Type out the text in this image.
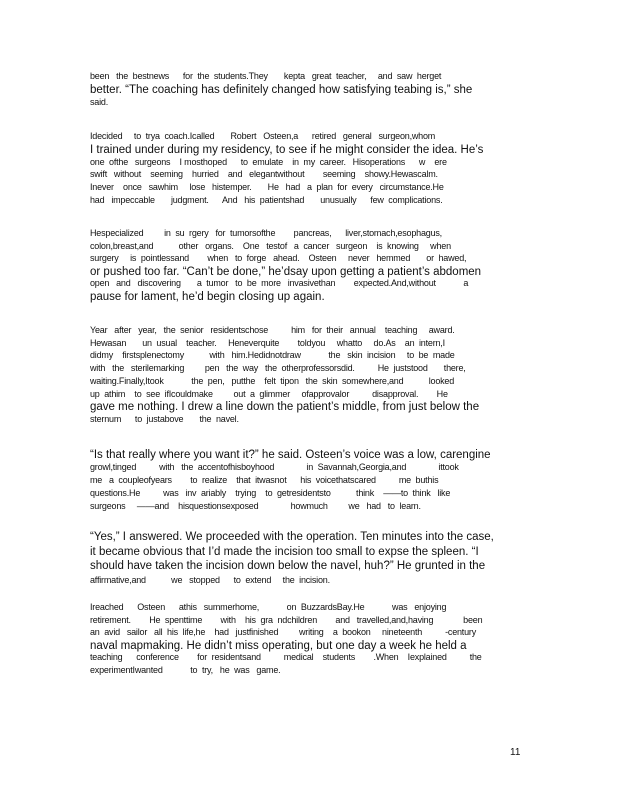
been   the  bestnews      for  the  students.They       kepta   great  teacher,     and  saw  herget
better. “The coaching has definitely changed how satisfying teabing is,” she
said.
Idecided     to  trya  coach.Icalled       Robert   Osteen,a      retired   general   surgeon,whom
I trained under during my residency, to see if he might consider the idea. He’s
one  ofthe   surgeons    I mosthoped      to  emulate    in  my  career.   Hisoperations      w    ere
swift   without    seeming    hurried    and   elegantwithout        seeming    showy.Hewascalm.
Inever    once   sawhim     lose   histemper.       He   had   a  plan  for  every   circumstance.He
had   impeccable       judgment.      And   his  patientshad       unusually      few  complications.
Hespecialized         in  su  rgery   for  tumorsofthe        pancreas,      liver,stomach,esophagus,
colon,breast,and           other   organs.    One   testof   a  cancer   surgeon    is  knowing     when
surgery     is  pointlessand        when   to  forge   ahead.    Osteen     never   hemmed       or  hawed,
or pushed too far. “Can’t be done,” he’dsay upon getting a patient’s abdomen
open   and   discovering       a  tumor   to  be  more   invasivethan        expected.And,without            a
pause for lament, he’d begin closing up again.
Year   after   year,   the  senior   residentschose          him   for  their   annual    teaching     award.
Hewasan       un  usual    teacher.     Heneverquite        toldyou     whatto     do.As    an  intern,I
didmy    firstsplenectomy           with   him.Hedidnotdraw            the   skin  incision     to  be  made
with   the   sterilemarking         pen   the  way   the  otherprofessorsdid.          He  juststood       there,
waiting.Finally,Itook            the  pen,   putthe    felt  tipon   the  skin  somewhere,and           looked
up  athim    to  see  ifIcouldmake         out  a  glimmer     ofapprovalor          disapproval.        He
gave me nothing. I drew a line down the patient’s middle, from just below the
sternum      to  justabove       the  navel.
“Is that really where you want it?” he said. Osteen’s voice was a low, carengine
growl,tinged          with   the  accentofhisboyhood              in  Savannah,Georgia,and              ittook
me   a  coupleofyears        to  realize    that  itwasnot      his  voicethatscared          me  buthis
questions.He          was   inv  ariably    trying    to  getresidentsto           think    ——to  think   like
surgeons     ——and    hisquestionsexposed              howmuch         we   had   to  learn.
“Yes,” I answered. We proceeded with the operation. Ten minutes into the case,
it became obvious that I’d made the incision too small to expse the spleen. “I
should have taken the incision down below the navel, huh?” He grunted in the
affirmative,and           we   stopped      to  extend     the  incision.
Ireached      Osteen      athis   summerhome,            on  BuzzardsBay.He            was   enjoying
retirement.        He  spenttime        with    his  gra  ndchildren        and   travelled,and,having             been
an  avid   sailor   all  his  life,he    had   justfinished         writing    a  bookon     nineteenth          -century
naval mapmaking. He didn’t miss operating, but one day a week he held a
teaching      conference        for  residentsand          medical    students        .When    Iexplained          the
experimentIwanted            to  try,   he  was   game.
11
